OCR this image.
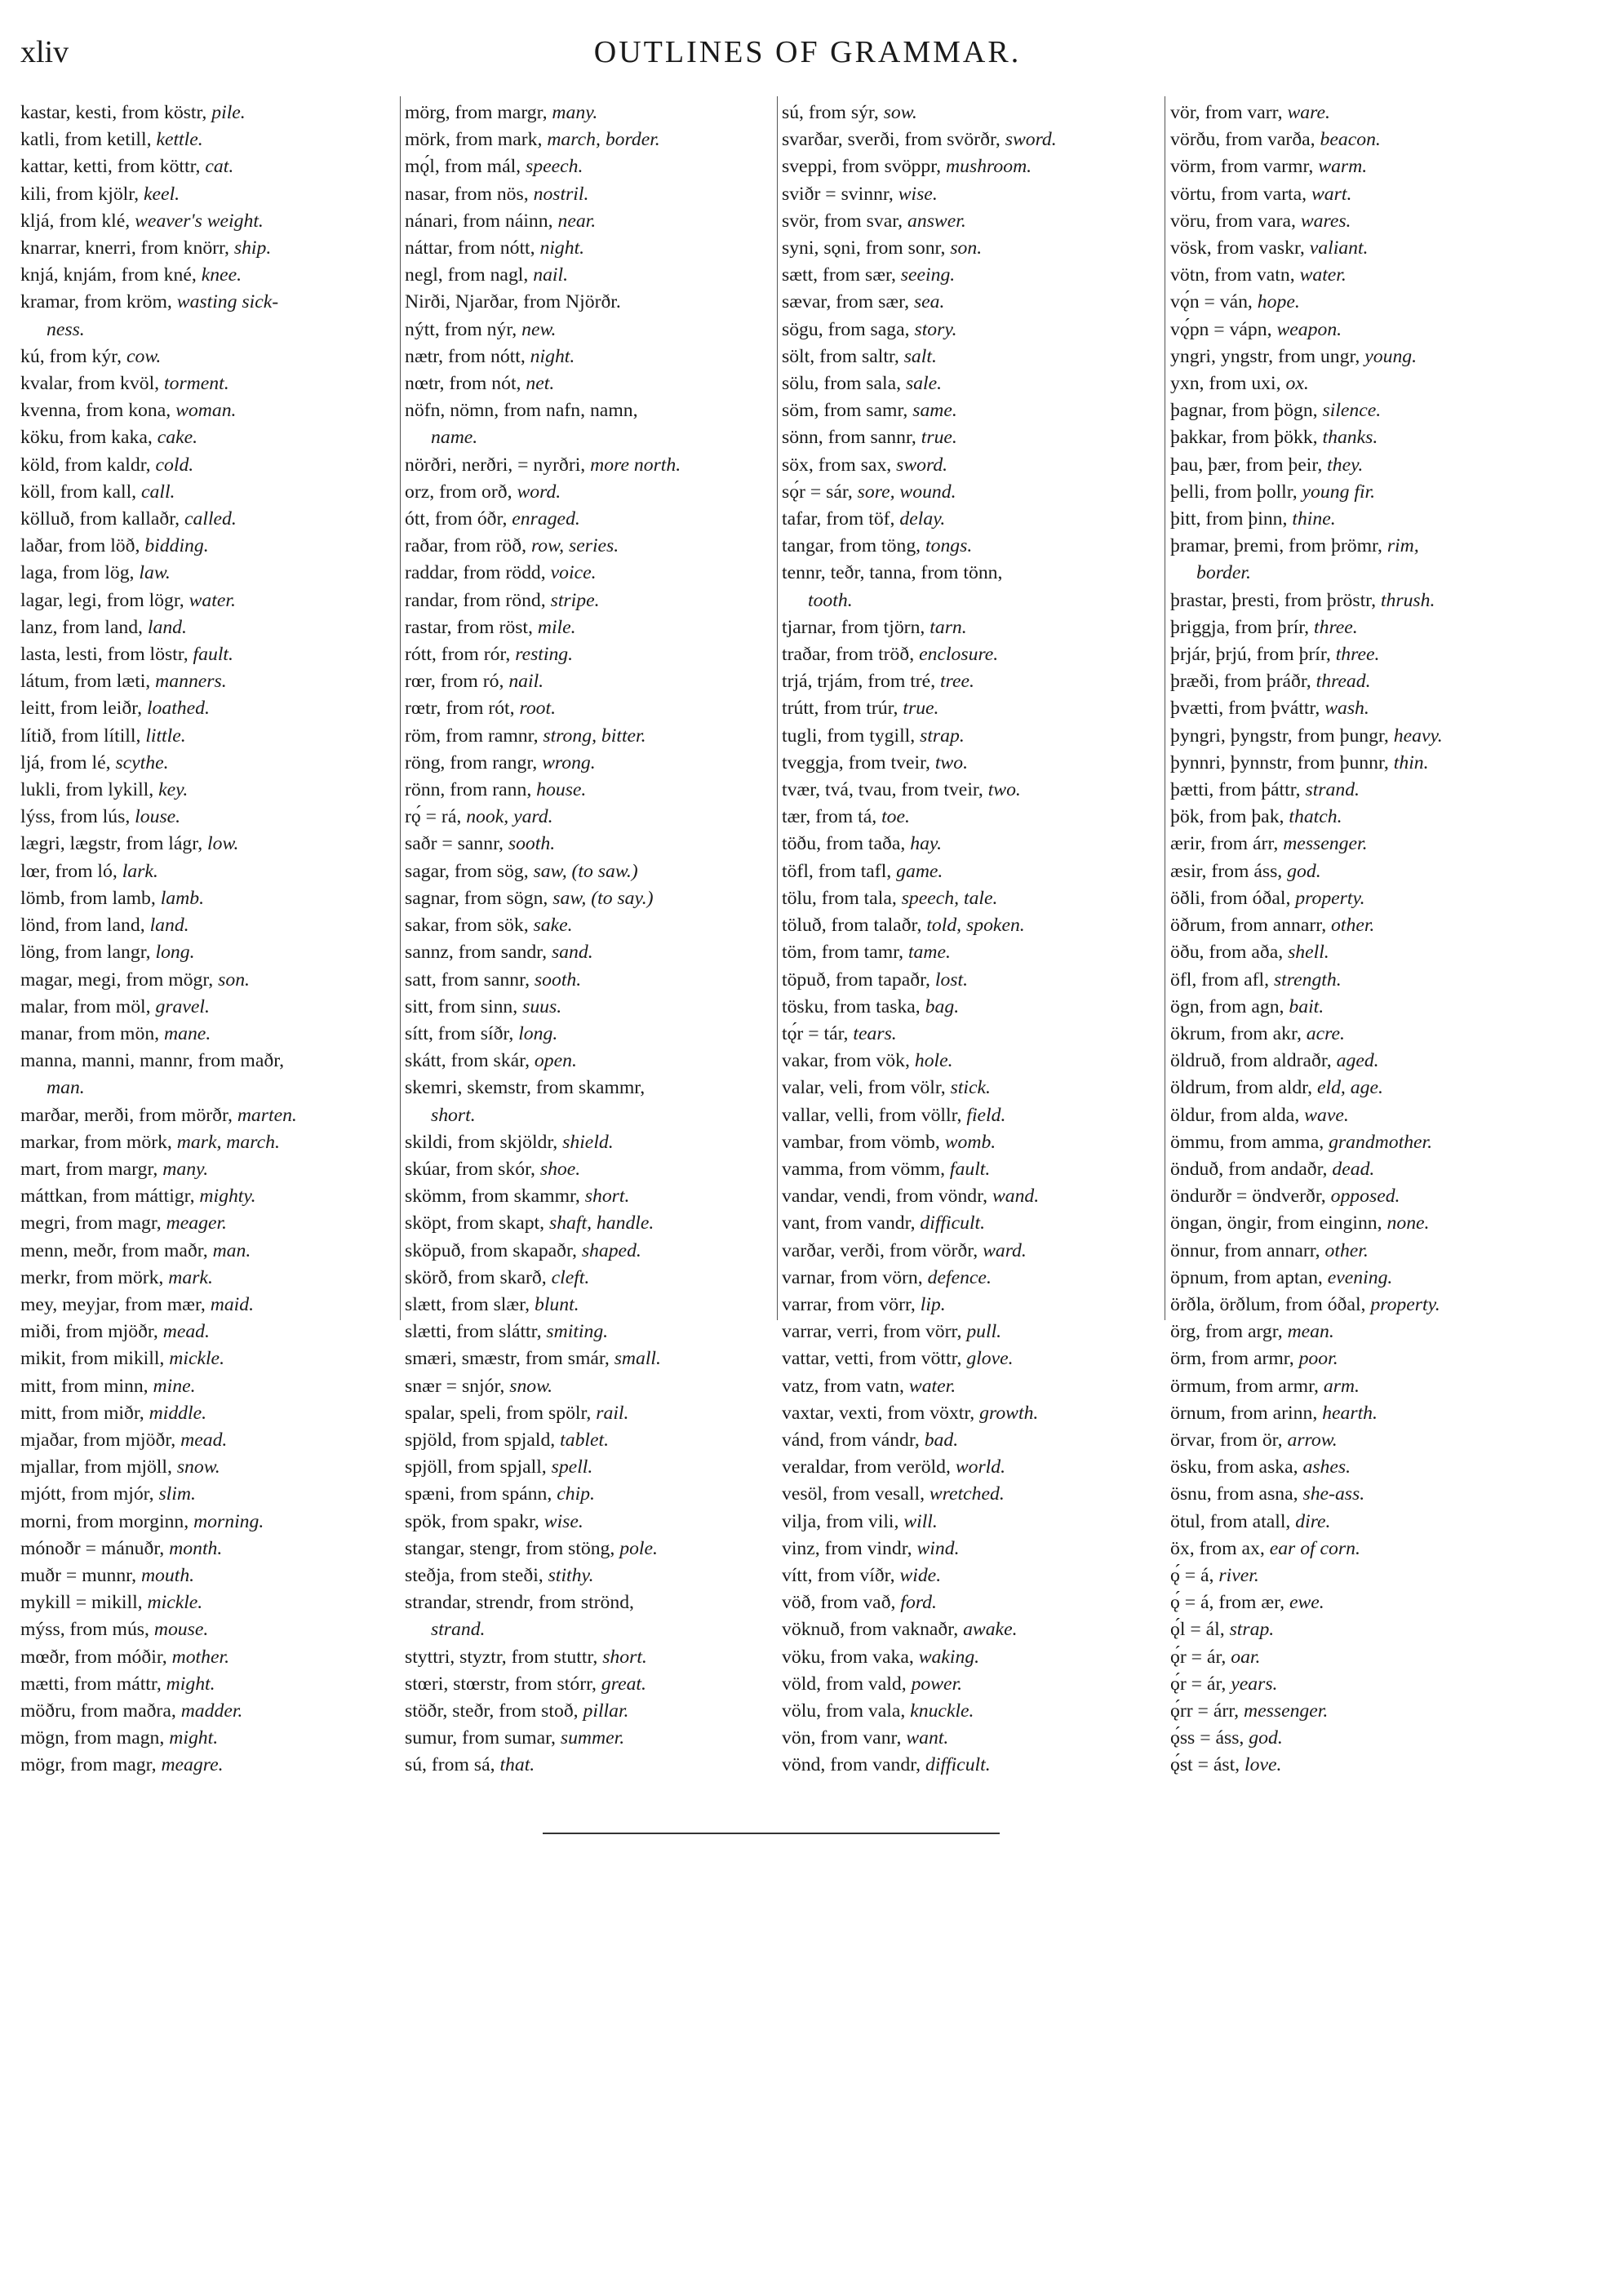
xliv	OUTLINES OF GRAMMAR.
kastar, kesti, from köstr, pile.
katli, from ketill, kettle.
kattar, ketti, from köttr, cat.
kili, from kjölr, keel.
kljá, from klé, weaver's weight.
knarrar, knerri, from knörr, ship.
knjá, knjám, from kné, knee.
kramar, from kröm, wasting sick-
ness.
kú, from kýr, cow.
kvalar, from kvöl, torment.
kvenna, from kona, woman.
köku, from kaka, cake.
köld, from kaldr, cold.
köll, from kall, call.
kölluð, from kallaðr, called.
laðar, from löð, bidding.
laga, from lög, law.
lagar, legi, from lögr, water.
lanz, from land, land.
lasta, lesti, from löstr, fault.
látum, from læti, manners.
leitt, from leiðr, loathed.
lítið, from lítill, little.
ljá, from lé, scythe.
lukli, from lykill, key.
lýss, from lús, louse.
lægri, lægstr, from lágr, low.
lœr, from ló, lark.
lömb, from lamb, lamb.
lönd, from land, land.
löng, from langr, long.
magar, megi, from mögr, son.
malar, from möl, gravel.
manar, from mön, mane.
manna, manni, mannr, from maðr,
man.
marðar, merði, from mörðr, marten.
markar, from mörk, mark, march.
mart, from margr, many.
máttkan, from máttigr, mighty.
megri, from magr, meager.
menn, meðr, from maðr, man.
merkr, from mörk, mark.
mey, meyjar, from mær, maid.
miði, from mjöðr, mead.
mikit, from mikill, mickle.
mitt, from minn, mine.
mitt, from miðr, middle.
mjaðar, from mjöðr, mead.
mjallar, from mjöll, snow.
mjótt, from mjór, slim.
morni, from morginn, morning.
mónoðr = mánuðr, month.
muðr = munnr, mouth.
mykill = mikill, mickle.
mýss, from mús, mouse.
mœðr, from móðir, mother.
mætti, from máttr, might.
möðru, from maðra, madder.
mögn, from magn, might.
mögr, from magr, meagre.
mörg, from margr, many.
mörk, from mark, march, border.
mǫ́l, from mál, speech.
nasar, from nös, nostril.
nánari, from náinn, near.
náttar, from nótt, night.
negl, from nagl, nail.
Nirði, Njarðar, from Njörðr.
nýtt, from nýr, new.
nætr, from nótt, night.
nœtr, from nót, net.
nöfn, nömn, from nafn, namn,
name.
nörðri, nerðri, = nyrðri, more north.
orz, from orð, word.
ótt, from óðr, enraged.
raðar, from röð, row, series.
raddar, from rödd, voice.
randar, from rönd, stripe.
rastar, from röst, mile.
rótt, from rór, resting.
rœr, from ró, nail.
rœtr, from rót, root.
röm, from ramnr, strong, bitter.
röng, from rangr, wrong.
rönn, from rann, house.
rǫ́ = rá, nook, yard.
saðr = sannr, sooth.
sagar, from sög, saw, (to saw.)
sagnar, from sögn, saw, (to say.)
sakar, from sök, sake.
sannz, from sandr, sand.
satt, from sannr, sooth.
sitt, from sinn, suus.
sítt, from síðr, long.
skátt, from skár, open.
skemri, skemstr, from skammr,
short.
skildi, from skjöldr, shield.
skúar, from skór, shoe.
skömm, from skammr, short.
sköpt, from skapt, shaft, handle.
sköpuð, from skapaðr, shaped.
skörð, from skarð, cleft.
slætt, from slær, blunt.
slætti, from sláttr, smiting.
smæri, smæstr, from smár, small.
snær = snjór, snow.
spalar, speli, from spölr, rail.
spjöld, from spjald, tablet.
spjöll, from spjall, spell.
spæni, from spánn, chip.
spök, from spakr, wise.
stangar, stengr, from stöng, pole.
steðja, from steði, stithy.
strandar, strendr, from strönd,
strand.
styttri, styztr, from stuttr, short.
stœri, stœrstr, from stórr, great.
stöðr, steðr, from stoð, pillar.
sumur, from sumar, summer.
sú, from sá, that.
sú, from sýr, sow.
svarðar, sverði, from svörðr, sword.
sveppi, from svöppr, mushroom.
sviðr = svinnr, wise.
svör, from svar, answer.
syni, sǫni, from sonr, son.
sætt, from sær, seeing.
sævar, from sær, sea.
sögu, from saga, story.
sölt, from saltr, salt.
sölu, from sala, sale.
söm, from samr, same.
sönn, from sannr, true.
söx, from sax, sword.
sǫ́r = sár, sore, wound.
tafar, from töf, delay.
tangar, from töng, tongs.
tennr, teðr, tanna, from tönn,
tooth.
tjarnar, from tjörn, tarn.
traðar, from tröð, enclosure.
trjá, trjám, from tré, tree.
trútt, from trúr, true.
tugli, from tygill, strap.
tveggja, from tveir, two.
tvær, tvá, tvau, from tveir, two.
tær, from tá, toe.
töðu, from taða, hay.
töfl, from tafl, game.
tölu, from tala, speech, tale.
töluð, from talaðr, told, spoken.
töm, from tamr, tame.
töpuð, from tapaðr, lost.
tösku, from taska, bag.
tǫ́r = tár, tears.
vakar, from vök, hole.
valar, veli, from völr, stick.
vallar, velli, from völlr, field.
vambar, from vömb, womb.
vamma, from vömm, fault.
vandar, vendi, from vöndr, wand.
vant, from vandr, difficult.
varðar, verði, from vörðr, ward.
varnar, from vörn, defence.
varrar, from vörr, lip.
varrar, verri, from vörr, pull.
vattar, vetti, from vöttr, glove.
vatz, from vatn, water.
vaxtar, vexti, from vöxtr, growth.
vánd, from vándr, bad.
veraldar, from veröld, world.
vesöl, from vesall, wretched.
vilja, from vili, will.
vinz, from vindr, wind.
vítt, from víðr, wide.
vöð, from vað, ford.
vöknuð, from vaknaðr, awake.
vöku, from vaka, waking.
völd, from vald, power.
völu, from vala, knuckle.
vön, from vanr, want.
vönd, from vandr, difficult.
vör, from varr, ware.
vörðu, from varða, beacon.
vörm, from varmr, warm.
vörtu, from varta, wart.
vöru, from vara, wares.
vösk, from vaskr, valiant.
vötn, from vatn, water.
vǫ́n = ván, hope.
vǫ́pn = vápn, weapon.
yngri, yngstr, from ungr, young.
yxn, from uxi, ox.
þagnar, from þögn, silence.
þakkar, from þökk, thanks.
þau, þær, from þeir, they.
þelli, from þollr, young fir.
þitt, from þinn, thine.
þramar, þremi, from þrömr, rim,
border.
þrastar, þresti, from þröstr, thrush.
þriggja, from þrír, three.
þrjár, þrjú, from þrír, three.
þræði, from þráðr, thread.
þvætti, from þváttr, wash.
þyngri, þyngstr, from þungr, heavy.
þynnri, þynnstr, from þunnr, thin.
þætti, from þáttr, strand.
þök, from þak, thatch.
ærir, from árr, messenger.
æsir, from áss, god.
öðli, from óðal, property.
öðrum, from annarr, other.
öðu, from aða, shell.
öfl, from afl, strength.
ögn, from agn, bait.
ökrum, from akr, acre.
öldruð, from aldraðr, aged.
öldrum, from aldr, eld, age.
öldur, from alda, wave.
ömmu, from amma, grandmother.
önduð, from andaðr, dead.
öndurðr = öndverðr, opposed.
öngan, öngir, from einginn, none.
önnur, from annarr, other.
öpnum, from aptan, evening.
örðla, örðlum, from óðal, property.
örg, from argr, mean.
örm, from armr, poor.
örmum, from armr, arm.
örnum, from arinn, hearth.
örvar, from ör, arrow.
ösku, from aska, ashes.
ösnu, from asna, she-ass.
ötul, from atall, dire.
öx, from ax, ear of corn.
ǫ́ = á, river.
ǫ́ = á, from ær, ewe.
ǫ́l = ál, strap.
ǫ́r = ár, oar.
ǫ́r = ár, years.
ǫ́rr = árr, messenger.
ǫ́ss = áss, god.
ǫ́st = ást, love.
